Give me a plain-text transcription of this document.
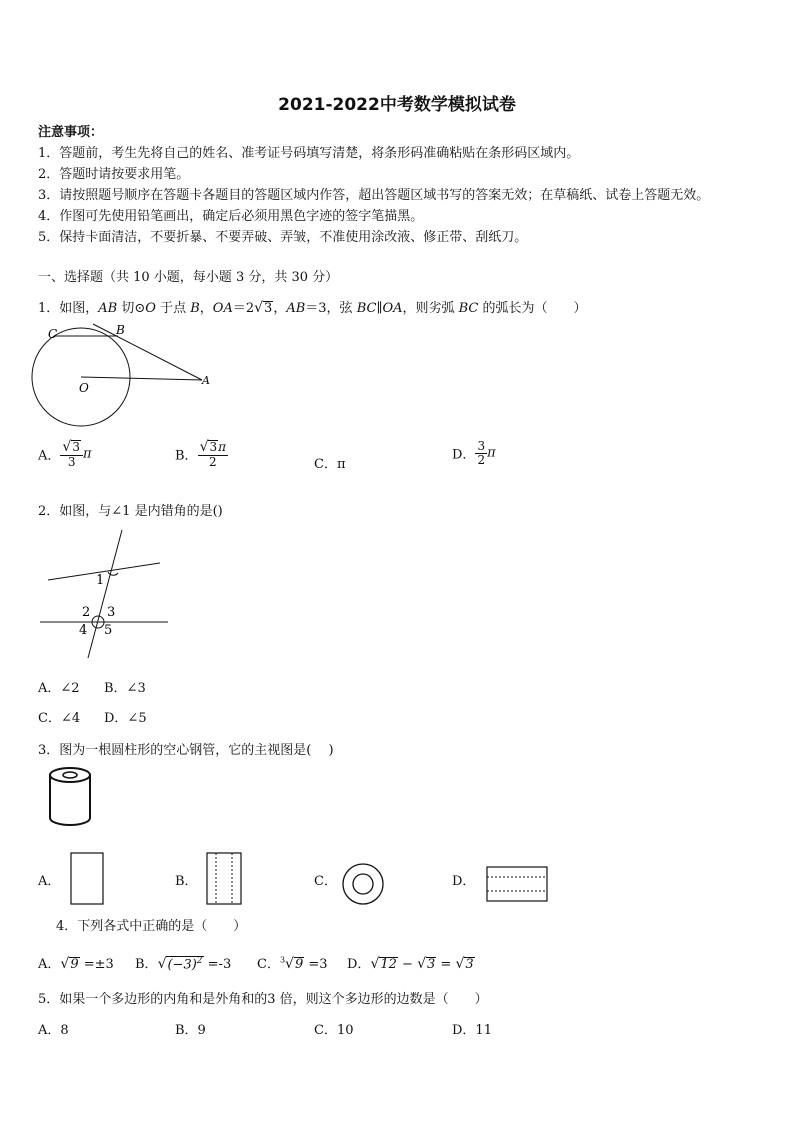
2021-2022中考数学模拟试卷
注意事项：
1．答题前，考生先将自己的姓名、准考证号码填写清楚，将条形码准确粘贴在条形码区域内。
2．答题时请按要求用笔。
3．请按照题号顺序在答题卡各题目的答题区域内作答，超出答题区域书写的答案无效；在草稿纸、试卷上答题无效。
4．作图可先使用铅笔画出，确定后必须用黑色字迹的签字笔描黑。
5．保持卡面清洁，不要折暴、不要弄破、弄皱，不准使用涂改液、修正带、刮纸刀。
一、选择题（共 10 小题，每小题 3 分，共 30 分）
1．如图，AB 切⊙O 于点 B，OA＝2√3，AB＝3，弦 BC∥OA，则劣弧 BC 的弧长为（　　）
C	B
O
A
A． $\frac{√3}{3}$ π	B． $\frac{√3\pi}{2}$	C．π
D． $\frac{3}{2}$ π
2．如图，与∠1 是内错角的是()
1
2 3
4 5
A．∠2 B．∠3
C．∠4 D．∠5
3．图为一根圆柱形的空心钢管，它的主视图是(　 )
A．	B．	C．	D．
4．下列各式中正确的是（　　）
A．√9 =±3 B．$√(-3)^2 =-3$ C．$^3$√9 =3 D．√12 − √3 = √3
5．如果一个多边形的内角和是外角和的3 倍，则这个多边形的边数是（　　）
A．8	B．9	C．10	D．11
